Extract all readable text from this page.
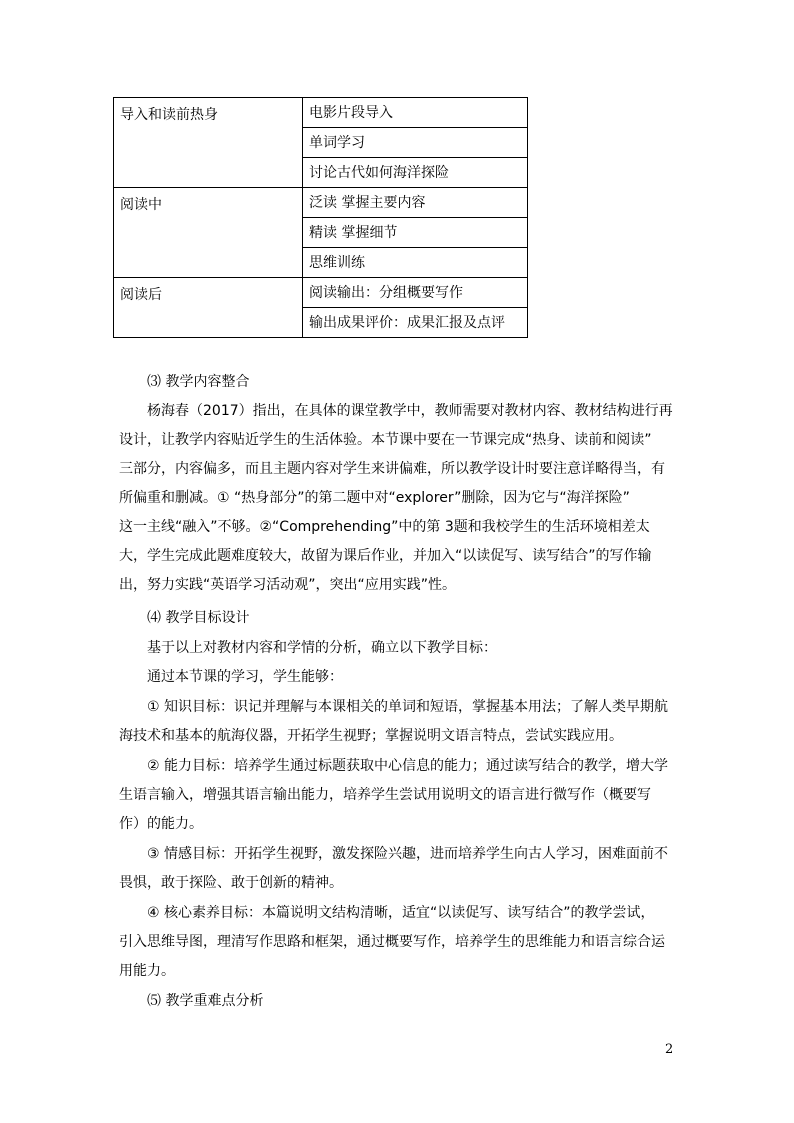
导入和读前热身	电影片段导入
	单词学习
	讨论古代如何海洋探险
阅读中	泛读 掌握主要内容
	精读 掌握细节
	思维训练
阅读后	阅读输出：分组概要写作
	输出成果评价：成果汇报及点评
⑶ 教学内容整合
杨海春（2017）指出，在具体的课堂教学中，教师需要对教材内容、教材结构进行再
设计，让教学内容贴近学生的生活体验。本节课中要在一节课完成“热身、读前和阅读”
三部分，内容偏多，而且主题内容对学生来讲偏难，所以教学设计时要注意详略得当，有
所偏重和删减。① “热身部分”的第二题中对“explorer”删除，因为它与“海洋探险”
这一主线“融入”不够。②“Comprehending”中的第 3题和我校学生的生活环境相差太
大，学生完成此题难度较大，故留为课后作业，并加入“以读促写、读写结合”的写作输
出，努力实践“英语学习活动观”，突出“应用实践”性。
⑷ 教学目标设计
基于以上对教材内容和学情的分析，确立以下教学目标：
通过本节课的学习，学生能够：
① 知识目标：识记并理解与本课相关的单词和短语，掌握基本用法；了解人类早期航
海技术和基本的航海仪器，开拓学生视野；掌握说明文语言特点，尝试实践应用。
② 能力目标：培养学生通过标题获取中心信息的能力；通过读写结合的教学，增大学
生语言输入，增强其语言输出能力，培养学生尝试用说明文的语言进行微写作（概要写
作）的能力。
③ 情感目标：开拓学生视野，激发探险兴趣，进而培养学生向古人学习，困难面前不
畏惧，敢于探险、敢于创新的精神。
④ 核心素养目标：本篇说明文结构清晰，适宜“以读促写、读写结合”的教学尝试，
引入思维导图，理清写作思路和框架，通过概要写作，培养学生的思维能力和语言综合运
用能力。
⑸ 教学重难点分析
2
